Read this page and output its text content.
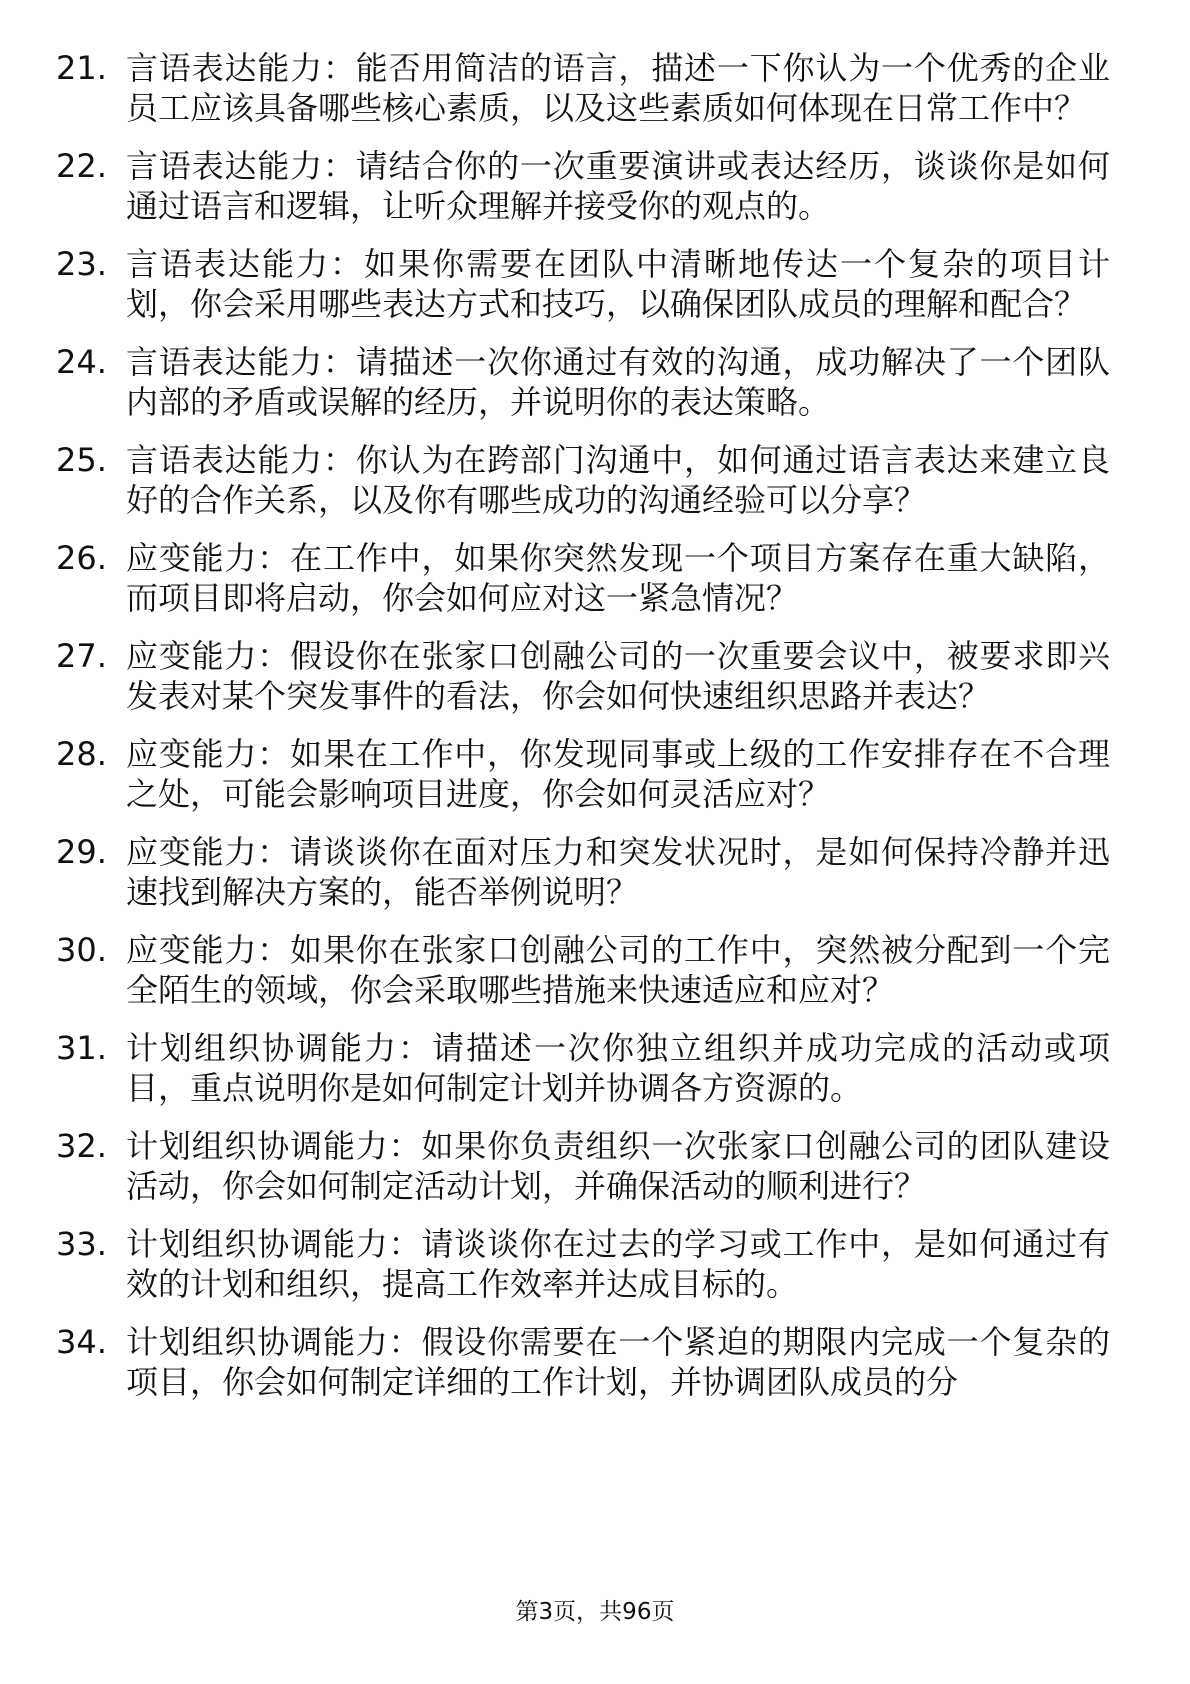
21. 言语表达能力：能否用简洁的语言，描述一下你认为一个优秀的企业员工应该具备哪些核心素质，以及这些素质如何体现在日常工作中？
22. 言语表达能力：请结合你的一次重要演讲或表达经历，谈谈你是如何通过语言和逻辑，让听众理解并接受你的观点的。
23. 言语表达能力：如果你需要在团队中清晰地传达一个复杂的项目计划，你会采用哪些表达方式和技巧，以确保团队成员的理解和配合？
24. 言语表达能力：请描述一次你通过有效的沟通，成功解决了一个团队内部的矛盾或误解的经历，并说明你的表达策略。
25. 言语表达能力：你认为在跨部门沟通中，如何通过语言表达来建立良好的合作关系，以及你有哪些成功的沟通经验可以分享？
26. 应变能力：在工作中，如果你突然发现一个项目方案存在重大缺陷，而项目即将启动，你会如何应对这一紧急情况？
27. 应变能力：假设你在张家口创融公司的一次重要会议中，被要求即兴发表对某个突发事件的看法，你会如何快速组织思路并表达？
28. 应变能力：如果在工作中，你发现同事或上级的工作安排存在不合理之处，可能会影响项目进度，你会如何灵活应对？
29. 应变能力：请谈谈你在面对压力和突发状况时，是如何保持冷静并迅速找到解决方案的，能否举例说明？
30. 应变能力：如果你在张家口创融公司的工作中，突然被分配到一个完全陌生的领域，你会采取哪些措施来快速适应和应对？
31. 计划组织协调能力：请描述一次你独立组织并成功完成的活动或项目，重点说明你是如何制定计划并协调各方资源的。
32. 计划组织协调能力：如果你负责组织一次张家口创融公司的团队建设活动，你会如何制定活动计划，并确保活动的顺利进行？
33. 计划组织协调能力：请谈谈你在过去的学习或工作中，是如何通过有效的计划和组织，提高工作效率并达成目标的。
34. 计划组织协调能力：假设你需要在一个紧迫的期限内完成一个复杂的项目，你会如何制定详细的工作计划，并协调团队成员的分
第3页，共96页
